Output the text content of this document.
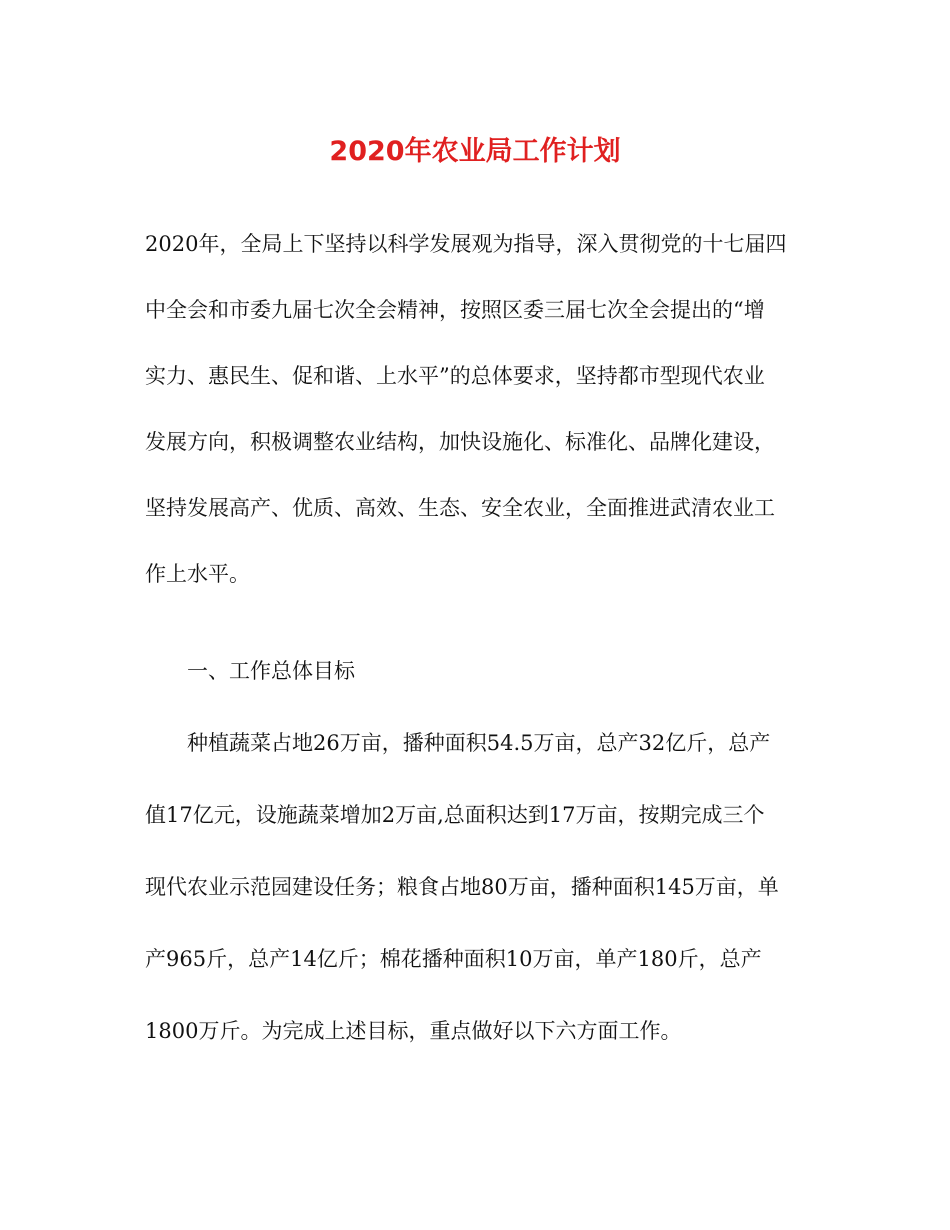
2020年农业局工作计划

2020年，全局上下坚持以科学发展观为指导，深入贯彻党的十七届四

中全会和市委九届七次全会精神，按照区委三届七次全会提出的“增

实力、惠民生、促和谐、上水平”的总体要求，坚持都市型现代农业

发展方向，积极调整农业结构，加快设施化、标准化、品牌化建设，

坚持发展高产、优质、高效、生态、安全农业，全面推进武清农业工

作上水平。

一、工作总体目标

种植蔬菜占地26万亩，播种面积54.5万亩，总产32亿斤，总产

值17亿元，设施蔬菜增加2万亩,总面积达到17万亩，按期完成三个

现代农业示范园建设任务；粮食占地80万亩，播种面积145万亩，单

产965斤，总产14亿斤；棉花播种面积10万亩，单产180斤，总产

1800万斤。为完成上述目标，重点做好以下六方面工作。
